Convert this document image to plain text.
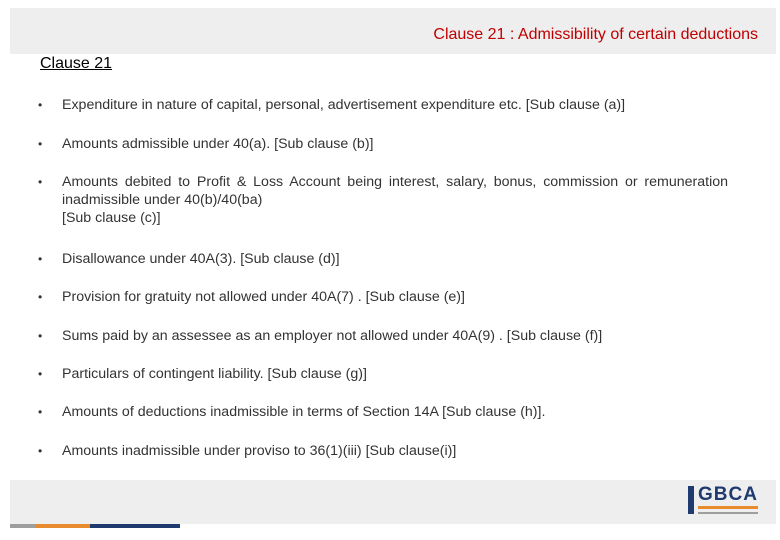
Clause 21 : Admissibility of certain deductions
Clause 21
•	Expenditure in nature of capital, personal, advertisement expenditure etc. [Sub clause (a)]
•	Amounts admissible under 40(a). [Sub clause (b)]
•	Amounts debited to Profit & Loss Account being interest, salary, bonus, commission or remuneration inadmissible under 40(b)/40(ba)
[Sub clause (c)]
•	Disallowance under 40A(3). [Sub clause (d)]
•	Provision for gratuity not allowed under 40A(7) . [Sub clause (e)]
•	Sums paid by an assessee as an employer not allowed under 40A(9) . [Sub clause (f)]
•	Particulars of contingent liability. [Sub clause (g)]
•	Amounts of deductions inadmissible in terms of Section 14A [Sub clause (h)].
•	Amounts inadmissible under proviso to 36(1)(iii) [Sub clause(i)]
GBCA
